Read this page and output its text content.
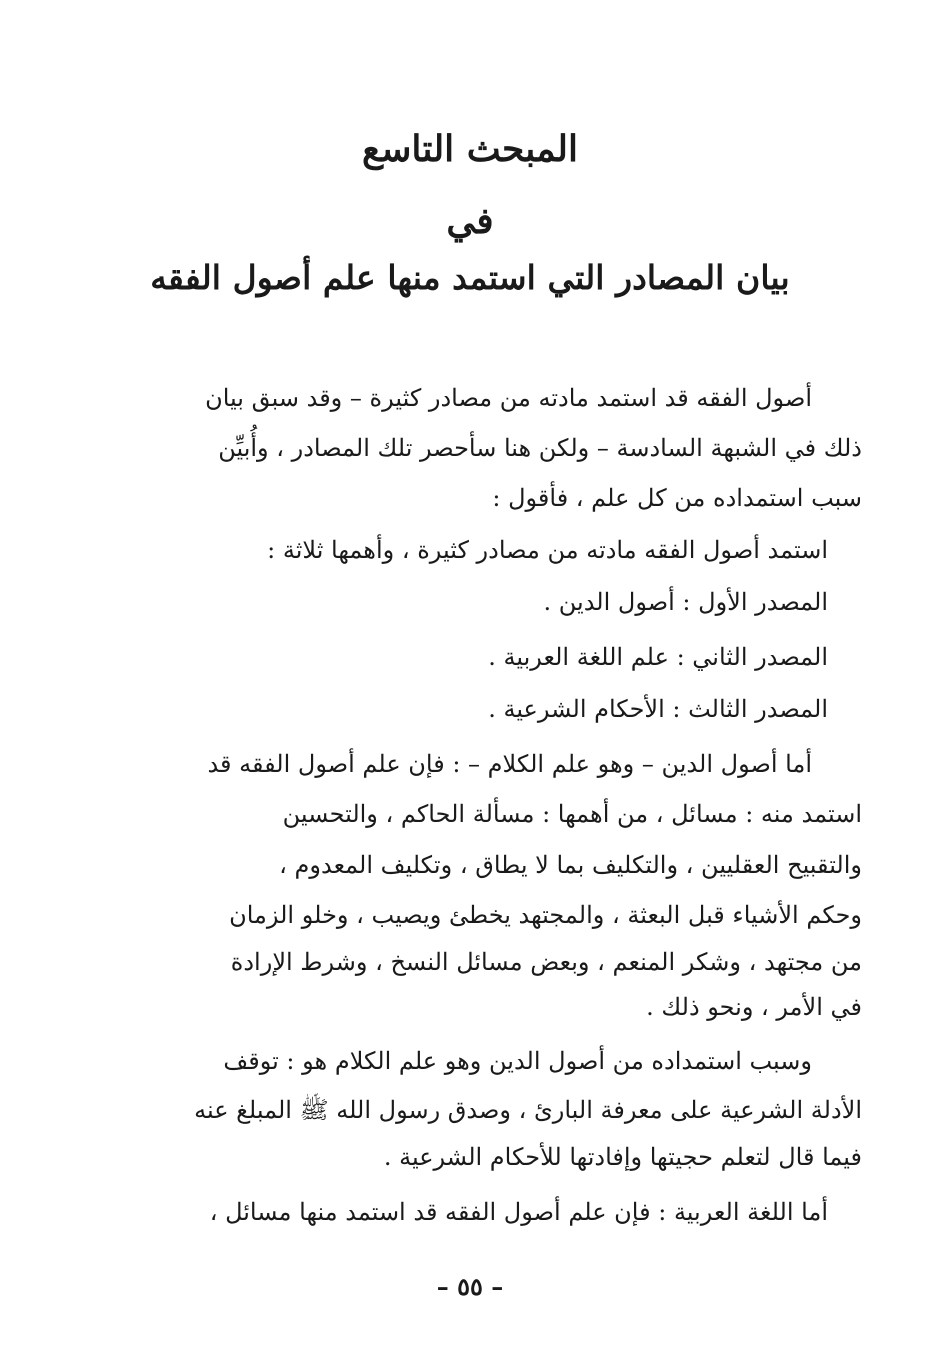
المبحث التاسع
في
بيان المصادر التي استمد منها علم أصول الفقه
أصول الفقه قد استمد مادته من مصادر كثيرة – وقد سبق بيان
ذلك في الشبهة السادسة – ولكن هنا سأحصر تلك المصادر ، وأُبيِّن
سبب استمداده من كل علم ، فأقول :
استمد أصول الفقه مادته من مصادر كثيرة ، وأهمها ثلاثة :
المصدر الأول : أصول الدين .
المصدر الثاني : علم اللغة العربية .
المصدر الثالث : الأحكام الشرعية .
أما أصول الدين – وهو علم الكلام – : فإن علم أصول الفقه قد
استمد منه : مسائل ، من أهمها : مسألة الحاكم ، والتحسين
والتقبيح العقليين ، والتكليف بما لا يطاق ، وتكليف المعدوم ،
وحكم الأشياء قبل البعثة ، والمجتهد يخطئ ويصيب ، وخلو الزمان
من مجتهد ، وشكر المنعم ، وبعض مسائل النسخ ، وشرط الإرادة
في الأمر ، ونحو ذلك .
وسبب استمداده من أصول الدين وهو علم الكلام هو : توقف
الأدلة الشرعية على معرفة البارئ ، وصدق رسول الله ﷺ المبلغ عنه
فيما قال لتعلم حجيتها وإفادتها للأحكام الشرعية .
أما اللغة العربية : فإن علم أصول الفقه قد استمد منها مسائل ،
– ٥٥ –
